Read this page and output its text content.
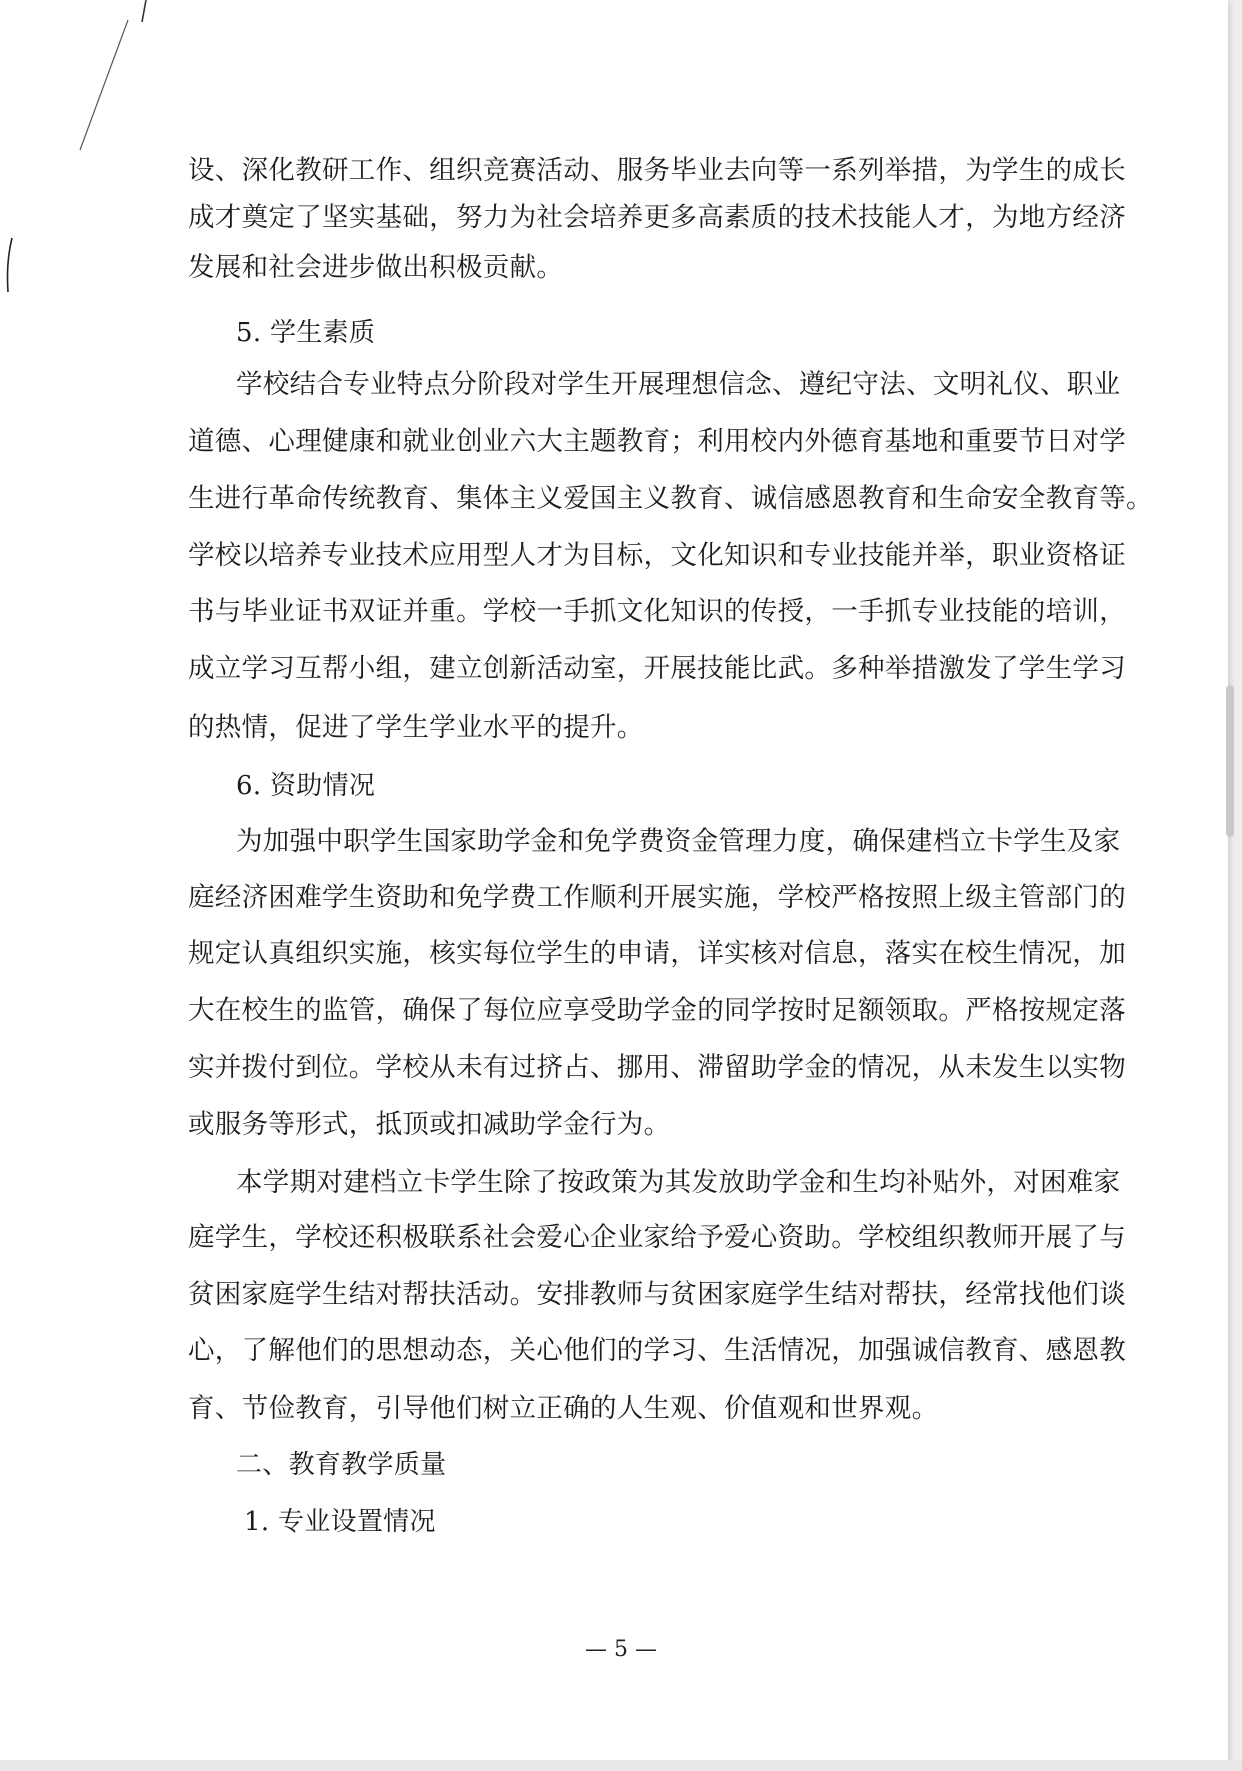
设、深化教研工作、组织竞赛活动、服务毕业去向等一系列举措，为学生的成长
成才奠定了坚实基础，努力为社会培养更多高素质的技术技能人才，为地方经济
发展和社会进步做出积极贡献。
5. 学生素质
学校结合专业特点分阶段对学生开展理想信念、遵纪守法、文明礼仪、职业
道德、心理健康和就业创业六大主题教育；利用校内外德育基地和重要节日对学
生进行革命传统教育、集体主义爱国主义教育、诚信感恩教育和生命安全教育等。
学校以培养专业技术应用型人才为目标，文化知识和专业技能并举，职业资格证
书与毕业证书双证并重。学校一手抓文化知识的传授，一手抓专业技能的培训，
成立学习互帮小组，建立创新活动室，开展技能比武。多种举措激发了学生学习
的热情，促进了学生学业水平的提升。
6. 资助情况
为加强中职学生国家助学金和免学费资金管理力度，确保建档立卡学生及家
庭经济困难学生资助和免学费工作顺利开展实施，学校严格按照上级主管部门的
规定认真组织实施，核实每位学生的申请，详实核对信息，落实在校生情况，加
大在校生的监管，确保了每位应享受助学金的同学按时足额领取。严格按规定落
实并拨付到位。学校从未有过挤占、挪用、滞留助学金的情况，从未发生以实物
或服务等形式，抵顶或扣减助学金行为。
本学期对建档立卡学生除了按政策为其发放助学金和生均补贴外，对困难家
庭学生，学校还积极联系社会爱心企业家给予爱心资助。学校组织教师开展了与
贫困家庭学生结对帮扶活动。安排教师与贫困家庭学生结对帮扶，经常找他们谈
心，了解他们的思想动态，关心他们的学习、生活情况，加强诚信教育、感恩教
育、节俭教育，引导他们树立正确的人生观、价值观和世界观。
二、教育教学质量
1. 专业设置情况
— 5 —
